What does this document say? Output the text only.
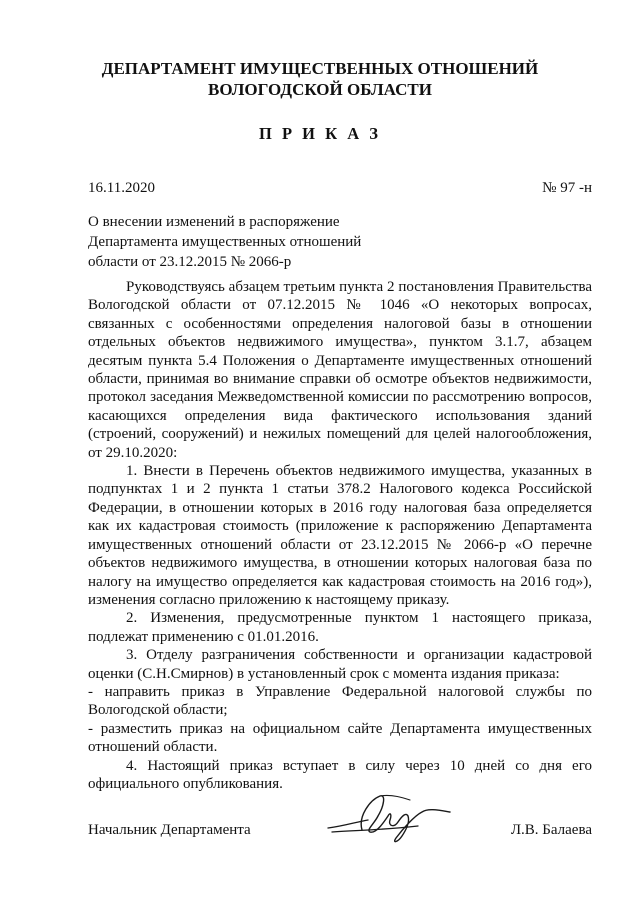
ДЕПАРТАМЕНТ ИМУЩЕСТВЕННЫХ ОТНОШЕНИЙ
ВОЛОГОДСКОЙ ОБЛАСТИ
П Р И К А З
16.11.2020	№ 97 -н
О внесении изменений в распоряжение
Департамента имущественных отношений
области от 23.12.2015 № 2066-р

Руководствуясь абзацем третьим пункта 2 постановления Правительства Вологодской области от 07.12.2015 № 1046 «О некоторых вопросах, связанных с особенностями определения налоговой базы в отношении отдельных объектов недвижимого имущества», пунктом 3.1.7, абзацем десятым пункта 5.4 Положения о Департаменте имущественных отношений области, принимая во внимание справки об осмотре объектов недвижимости, протокол заседания Межведомственной комиссии по рассмотрению вопросов, касающихся определения вида фактического использования зданий (строений, сооружений) и нежилых помещений для целей налогообложения, от 29.10.2020:

1. Внести в Перечень объектов недвижимого имущества, указанных в подпунктах 1 и 2 пункта 1 статьи 378.2 Налогового кодекса Российской Федерации, в отношении которых в 2016 году налоговая база определяется как их кадастровая стоимость (приложение к распоряжению Департамента имущественных отношений области от 23.12.2015 № 2066-р «О перечне объектов недвижимого имущества, в отношении которых налоговая база по налогу на имущество определяется как кадастровая стоимость на 2016 год»), изменения согласно приложению к настоящему приказу.

2. Изменения, предусмотренные пунктом 1 настоящего приказа, подлежат применению с 01.01.2016.

3. Отделу разграничения собственности и организации кадастровой оценки (С.Н.Смирнов) в установленный срок с момента издания приказа:

- направить приказ в Управление Федеральной налоговой службы по Вологодской области;

- разместить приказ на официальном сайте Департамента имущественных отношений области.

4. Настоящий приказ вступает в силу через 10 дней со дня его официального опубликования.

Начальник Департамента	Л.В. Балаева
